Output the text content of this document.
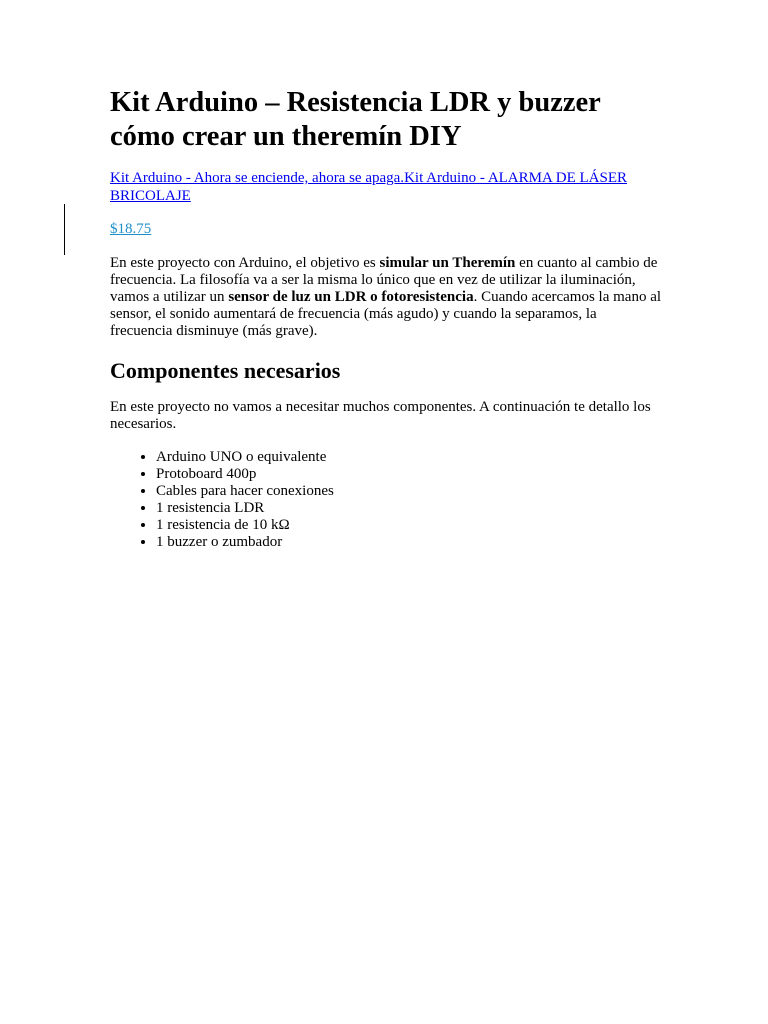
Kit Arduino – Resistencia LDR y buzzer cómo crear un theremín DIY
Kit Arduino - Ahora se enciende, ahora se apaga.Kit Arduino - ALARMA DE LÁSER BRICOLAJE
$18.75

En este proyecto con Arduino, el objetivo es simular un Theremín en cuanto al cambio de frecuencia. La filosofía va a ser la misma lo único que en vez de utilizar la iluminación, vamos a utilizar un sensor de luz un LDR o fotoresistencia. Cuando acercamos la mano al sensor, el sonido aumentará de frecuencia (más agudo) y cuando la separamos, la frecuencia disminuye (más grave).

Componentes necesarios

En este proyecto no vamos a necesitar muchos componentes. A continuación te detallo los necesarios.

• Arduino UNO o equivalente
• Protoboard 400p
• Cables para hacer conexiones
• 1 resistencia LDR
• 1 resistencia de 10 kΩ
• 1 buzzer o zumbador
